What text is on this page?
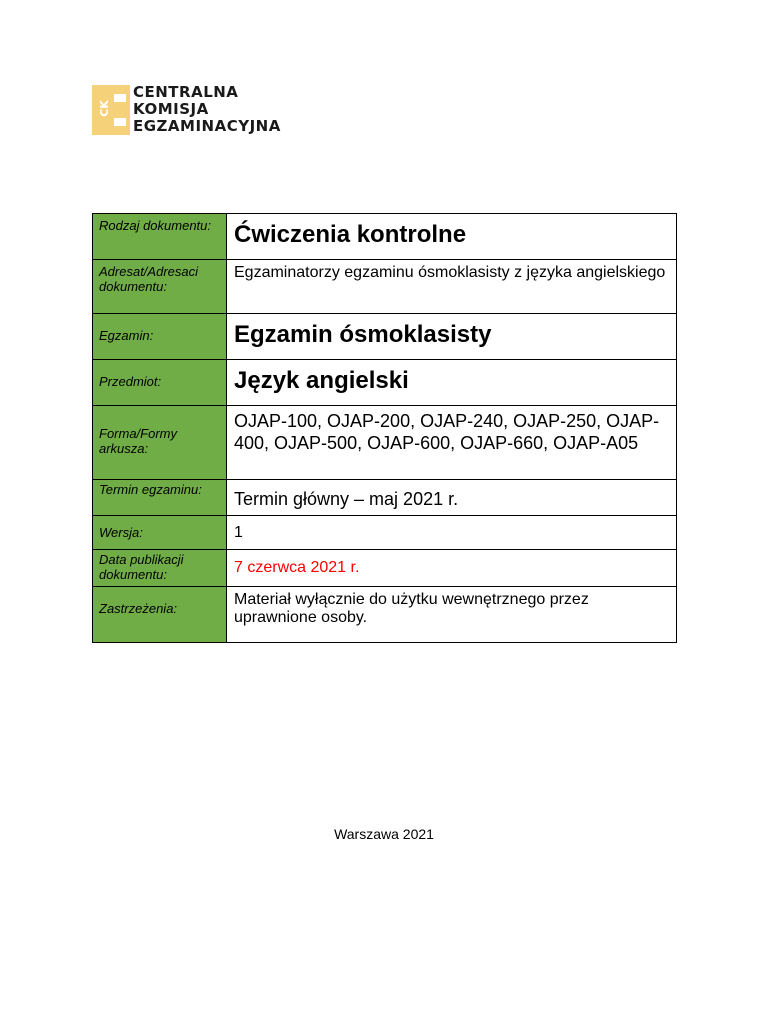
CK
CENTRALNA
KOMISJA
EGZAMINACYJNA
Rodzaj dokumentu:	Ćwiczenia kontrolne

Adresat/Adresaci dokumentu:	Egzaminatorzy egzaminu ósmoklasisty z języka angielskiego

Egzamin:	Egzamin ósmoklasisty

Przedmiot:	Język angielski

Forma/Formy arkusza:	OJAP-100, OJAP-200, OJAP-240, OJAP-250, OJAP-400, OJAP-500, OJAP-600, OJAP-660, OJAP-A05

Termin egzaminu:	Termin główny – maj 2021 r.

Wersja:	1

Data publikacji dokumentu:	7 czerwca 2021 r.

Zastrzeżenia:	Materiał wyłącznie do użytku wewnętrznego przez uprawnione osoby.
Warszawa 2021
